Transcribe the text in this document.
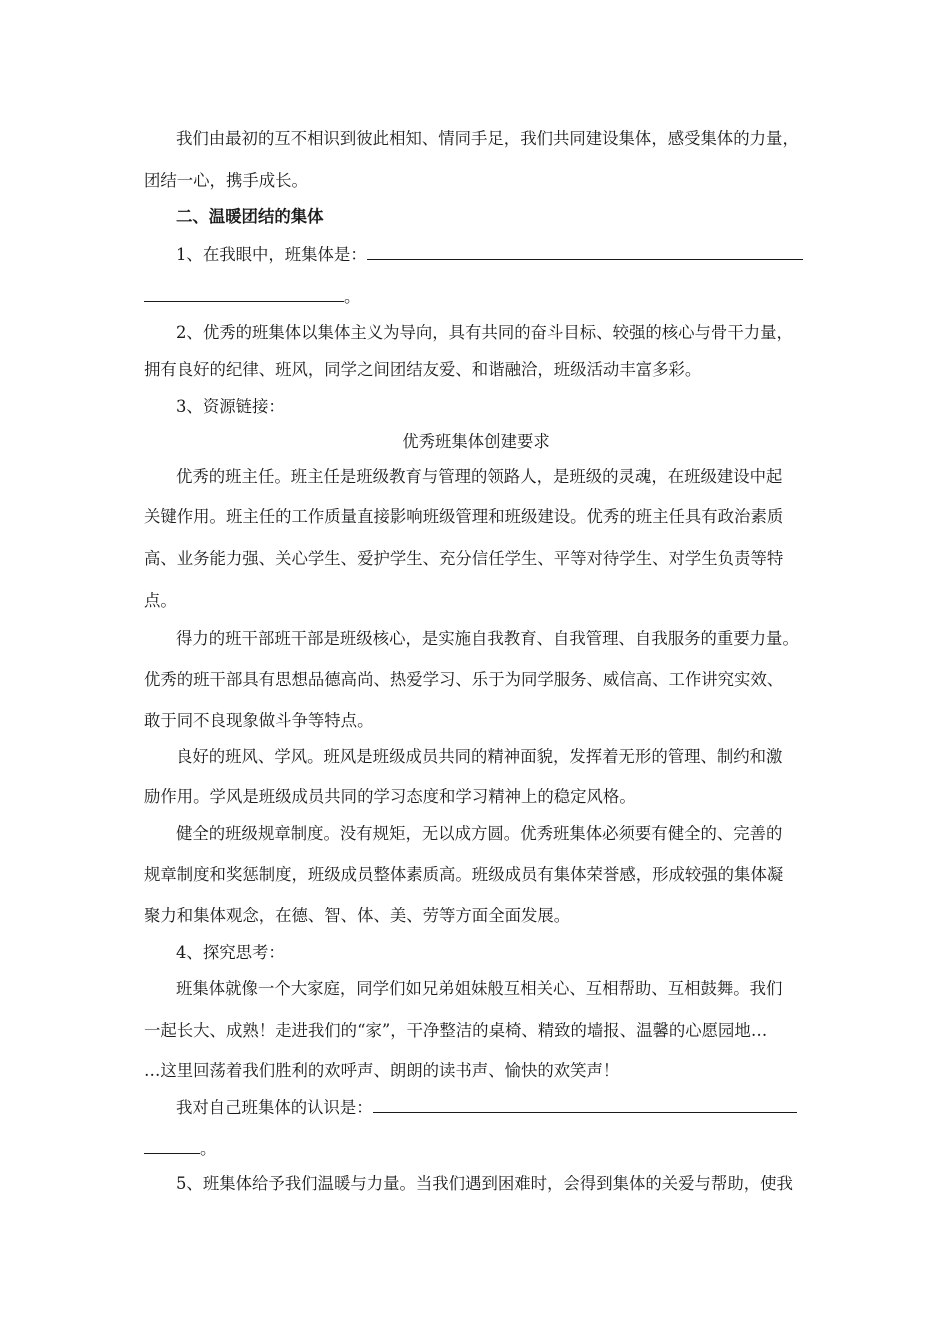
我们由最初的互不相识到彼此相知、情同手足，我们共同建设集体，感受集体的力量，
团结一心，携手成长。
二、温暖团结的集体
1、在我眼中，班集体是：
。
2、优秀的班集体以集体主义为导向，具有共同的奋斗目标、较强的核心与骨干力量，
拥有良好的纪律、班风，同学之间团结友爱、和谐融洽，班级活动丰富多彩。
3、资源链接：
优秀班集体创建要求
优秀的班主任。班主任是班级教育与管理的领路人，是班级的灵魂，在班级建设中起
关键作用。班主任的工作质量直接影响班级管理和班级建设。优秀的班主任具有政治素质
高、业务能力强、关心学生、爱护学生、充分信任学生、平等对待学生、对学生负责等特
点。
得力的班干部班干部是班级核心，是实施自我教育、自我管理、自我服务的重要力量。
优秀的班干部具有思想品德高尚、热爱学习、乐于为同学服务、威信高、工作讲究实效、
敢于同不良现象做斗争等特点。
良好的班风、学风。班风是班级成员共同的精神面貌，发挥着无形的管理、制约和激
励作用。学风是班级成员共同的学习态度和学习精神上的稳定风格。
健全的班级规章制度。没有规矩，无以成方圆。优秀班集体必须要有健全的、完善的
规章制度和奖惩制度，班级成员整体素质高。班级成员有集体荣誉感，形成较强的集体凝
聚力和集体观念，在德、智、体、美、劳等方面全面发展。
4、探究思考：
班集体就像一个大家庭，同学们如兄弟姐妹般互相关心、互相帮助、互相鼓舞。我们
一起长大、成熟！走进我们的“家”，干净整洁的桌椅、精致的墙报、温馨的心愿园地…
…这里回荡着我们胜利的欢呼声、朗朗的读书声、愉快的欢笑声！
我对自己班集体的认识是：
。
5、班集体给予我们温暖与力量。当我们遇到困难时，会得到集体的关爱与帮助，使我
